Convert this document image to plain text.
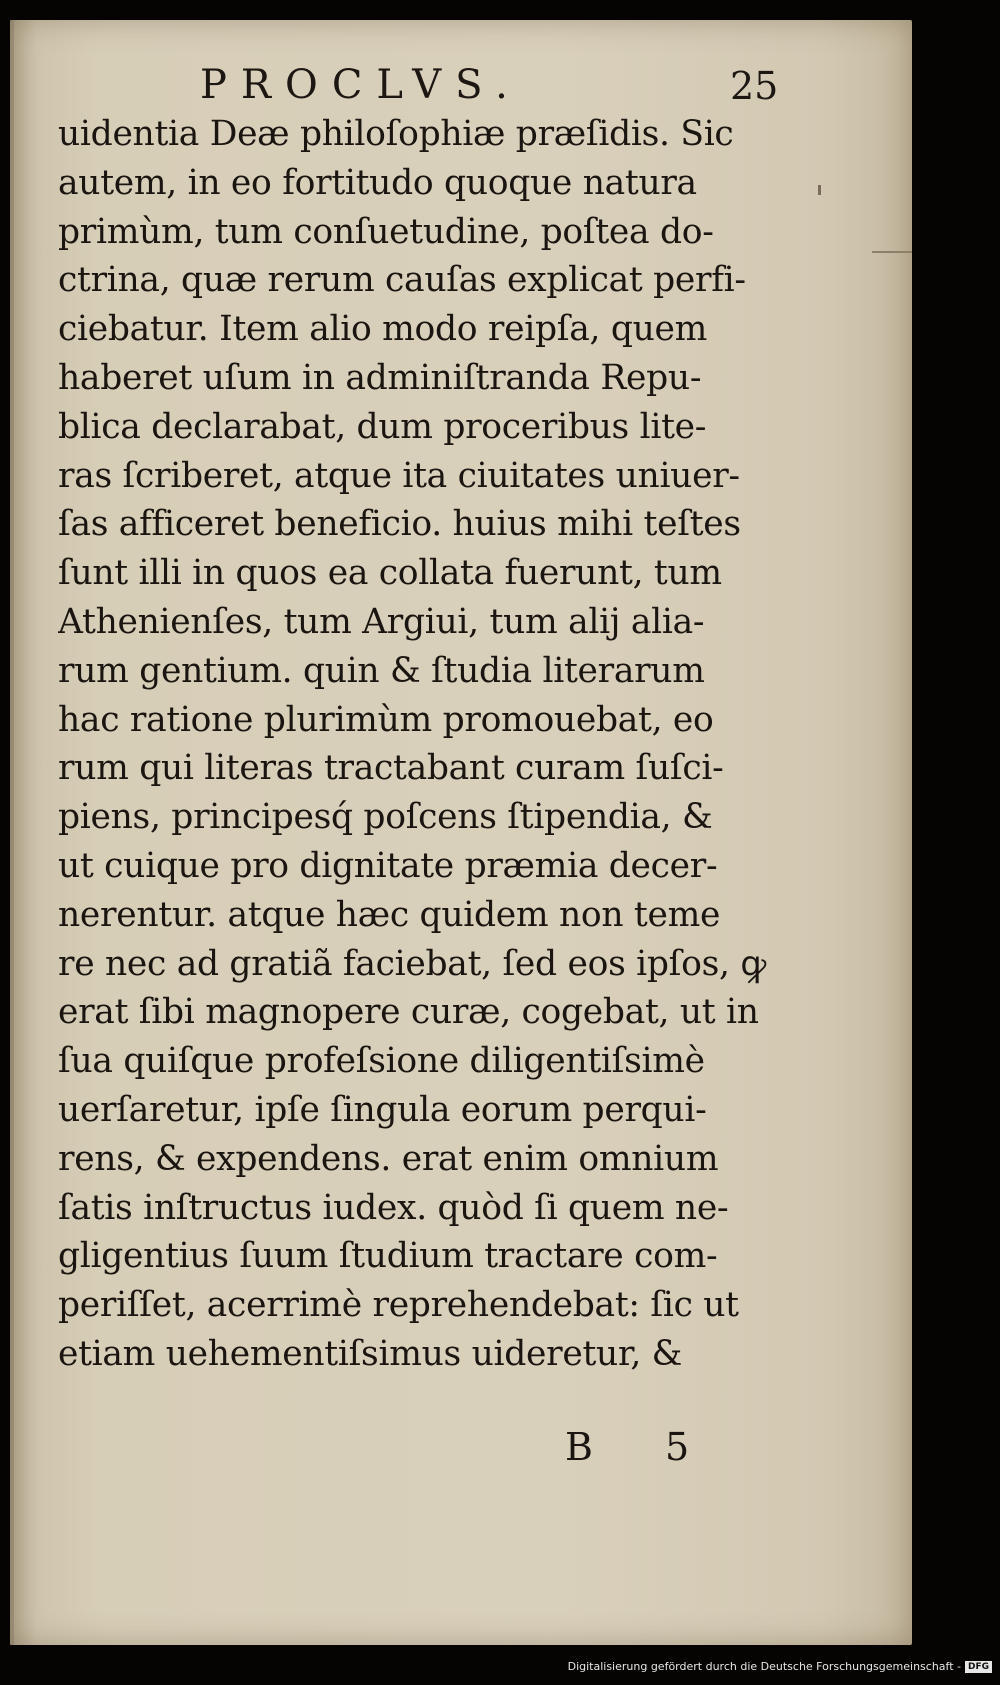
PROCLVS.	25
uidentia Deæ philoſophiæ præſidis. Sic
autem, in eo fortitudo quoque natura
primùm, tum conſuetudine, poſtea do-
ctrina, quæ rerum cauſas explicat perfi-
ciebatur. Item alio modo reipſa, quem
haberet uſum in adminiſtranda Repu-
blica declarabat, dum proceribus lite-
ras ſcriberet, atque ita ciuitates uniuer-
ſas afficeret beneficio. huius mihi teſtes
ſunt illi in quos ea collata fuerunt, tum
Athenienſes, tum Argiui, tum alij alia-
rum gentium. quin & ſtudia literarum
hac ratione plurimùm promouebat, eo
rum qui literas tractabant curam ſuſci-
piens, principesq́ poſcens ſtipendia, &
ut cuique pro dignitate præmia decer-
nerentur. atque hæc quidem non teme
re nec ad gratiã faciebat, ſed eos ipſos, ꝙ
erat ſibi magnopere curæ, cogebat, ut in
ſua quiſque profeſsione diligentiſsimè
uerſaretur, ipſe ſingula eorum perqui-
rens, & expendens. erat enim omnium
ſatis inſtructus iudex. quòd ſi quem ne-
gligentius ſuum ſtudium tractare com-
periſſet, acerrimè reprehendebat: ſic ut
etiam uehementiſsimus uideretur, &
B 5
Digitalisierung gefördert durch die Deutsche Forschungsgemeinschaft - DFG
